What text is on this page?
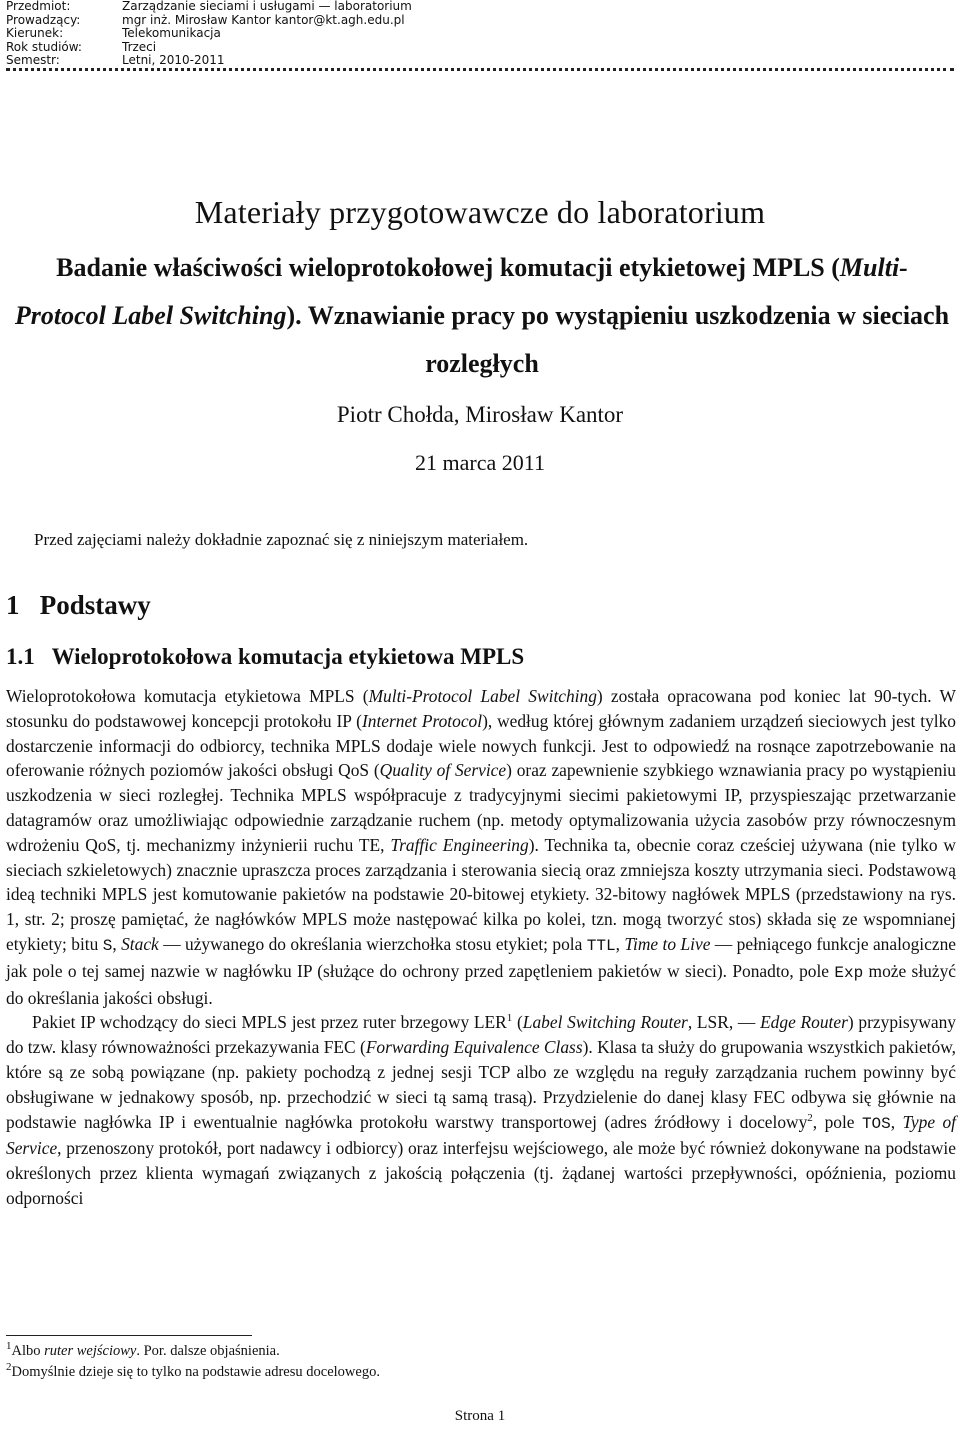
Przedmiot:	Zarządzanie sieciami i usługami — laboratorium
Prowadzący:	mgr inż. Mirosław Kantor kantor@kt.agh.edu.pl
Kierunek:	Telekomunikacja
Rok studiów:	Trzeci
Semestr:	Letni, 2010-2011
Materiały przygotowawcze do laboratorium
Badanie właściwości wieloprotokołowej komutacji etykietowej MPLS (Multi-Protocol Label Switching). Wznawianie pracy po wystąpieniu uszkodzenia w sieciach rozległych
Piotr Chołda, Mirosław Kantor
21 marca 2011
Przed zajęciami należy dokładnie zapoznać się z niniejszym materiałem.
1   Podstawy
1.1   Wieloprotokołowa komutacja etykietowa MPLS

Wieloprotokołowa komutacja etykietowa MPLS (Multi-Protocol Label Switching) została opracowana pod koniec lat 90-tych. W stosunku do podstawowej koncepcji protokołu IP (Internet Protocol), według której głównym zadaniem urządzeń sieciowych jest tylko dostarczenie informacji do odbiorcy, technika MPLS dodaje wiele nowych funkcji. Jest to odpowiedź na rosnące zapotrzebowanie na oferowanie różnych poziomów jakości obsługi QoS (Quality of Service) oraz zapewnienie szybkiego wznawiania pracy po wystąpieniu uszkodzenia w sieci rozległej. Technika MPLS współpracuje z tradycyjnymi siecimi pakietowymi IP, przyspieszając przetwarzanie datagramów oraz umożliwiając odpowiednie zarządzanie ruchem (np. metody optymalizowania użycia zasobów przy równoczesnym wdrożeniu QoS, tj. mechanizmy inżynierii ruchu TE, Traffic Engineering). Technika ta, obecnie coraz cześciej używana (nie tylko w sieciach szkieletowych) znacznie upraszcza proces zarządzania i sterowania siecią oraz zmniejsza koszty utrzymania sieci. Podstawową ideą techniki MPLS jest komutowanie pakietów na podstawie 20-bitowej etykiety. 32-bitowy nagłówek MPLS (przedstawiony na rys. 1, str. 2; proszę pamiętać, że nagłówków MPLS może następować kilka po kolei, tzn. mogą tworzyć stos) składa się ze wspomnianej etykiety; bitu S, Stack — używanego do określania wierzchołka stosu etykiet; pola TTL, Time to Live — pełniącego funkcje analogiczne jak pole o tej samej nazwie w nagłówku IP (służące do ochrony przed zapętleniem pakietów w sieci). Ponadto, pole Exp może służyć do określania jakości obsługi.

Pakiet IP wchodzący do sieci MPLS jest przez ruter brzegowy LER$^1$ (Label Switching Router, LSR, — Edge Router) przypisywany do tzw. klasy równoważności przekazywania FEC (Forwarding Equivalence Class). Klasa ta służy do grupowania wszystkich pakietów, które są ze sobą powiązane (np. pakiety pochodzą z jednej sesji TCP albo ze względu na reguły zarządzania ruchem powinny być obsługiwane w jednakowy sposób, np. przechodzić w sieci tą samą trasą). Przydzielenie do danej klasy FEC odbywa się głównie na podstawie nagłówka IP i ewentualnie nagłówka protokołu warstwy transportowej (adres źródłowy i docelowy$^2$, pole TOS, Type of Service, przenoszony protokół, port nadawcy i odbiorcy) oraz interfejsu wejściowego, ale może być również dokonywane na podstawie określonych przez klienta wymagań związanych z jakością połączenia (tj. żądanej wartości przepływności, opóźnienia, poziomu odporności

$^1$Albo ruter wejściowy. Por. dalsze objaśnienia.
$^2$Domyślnie dzieje się to tylko na podstawie adresu docelowego.
Strona 1
